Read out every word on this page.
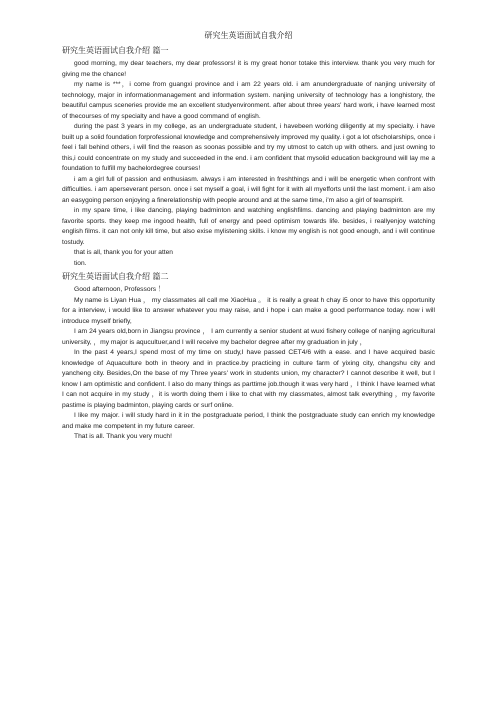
研究生英语面试自我介绍
研究生英语面试自我介绍 篇一

good morning, my dear teachers, my dear professors! it is my great honor totake this interview. thank you very much for giving me the chance!

my name is ***，i come from guangxi province and i am 22 years old. i am anundergraduate of nanjing university of technology, major in informationmanagement and information system. nanjing university of technology has a longhistory, the beautiful campus sceneries provide me an excellent studyenvironment. after about three years' hard work, i have learned most of thecourses of my specialty and have a good command of english.

during the past 3 years in my college, as an undergraduate student, i havebeen working diligently at my specialty. i have built up a solid foundation forprofessional knowledge and comprehensively improved my quality. i got a lot ofscholarships, once i feel i fall behind others, i will find the reason as soonas possible and try my utmost to catch up with others. and just owning to this,i could concentrate on my study and succeeded in the end. i am confident that mysolid education background will lay me a foundation to fulfill my bachelordegree courses!

i am a girl full of passion and enthusiasm. always i am interested in freshthings and i will be energetic when confront with difficulties. i am aperseverant person. once i set myself a goal, i will fight for it with all myefforts until the last moment. i am also an easygoing person enjoying a finerelationship with people around and at the same time, i'm also a girl of teamspirit.

in my spare time, i like dancing, playing badminton and watching englishfilms. dancing and playing badminton are my favorite sports. they keep me ingood health, full of energy and peed optimism towards life. besides, i reallyenjoy watching english films. it can not only kill time, but also exise mylistening skills. i know my english is not good enough, and i will continue tostudy.

that is all, thank you for your atten

tion.

研究生英语面试自我介绍 篇二

Good afternoon, Professors ！

My name is Liyan Hua ， my classmates all call me XiaoHua 。 it is really a great h chay i5 onor to have this opportunity for a interview, i would like to answer whatever you may raise, and i hope i can make a good performance today. now i will introduce myself briefly,

I am 24 years old,born in Jiangsu province ， I am currently a senior student at wuxi fishery college of nanjing agricultural university, ，my major is aqucultuer,and I will receive my bachelor degree after my graduation in july ，

In the past 4 years,I spend most of my time on study,I have passed CET4/6 with a ease. and I have acquired basic knowledge of Aquaculture both in theory and in practice.by practicing in culture farm of yixing city, changshu city and yancheng city. Besides,On the base of my Three years' work in students union, my character? I cannot describe it well, but I know I am optimistic and confident. I also do many things as parttime job.though it was very hard ，I think I have learned what I can not acquire in my study ，it is worth doing them i like to chat with my classmates, almost talk everything ，my favorite pastime is playing badminton, playing cards or surf online.

I like my major. i will study hard in it in the postgraduate period, I think the postgraduate study can enrich my knowledge and make me competent in my future career.

That is all. Thank you very much!
